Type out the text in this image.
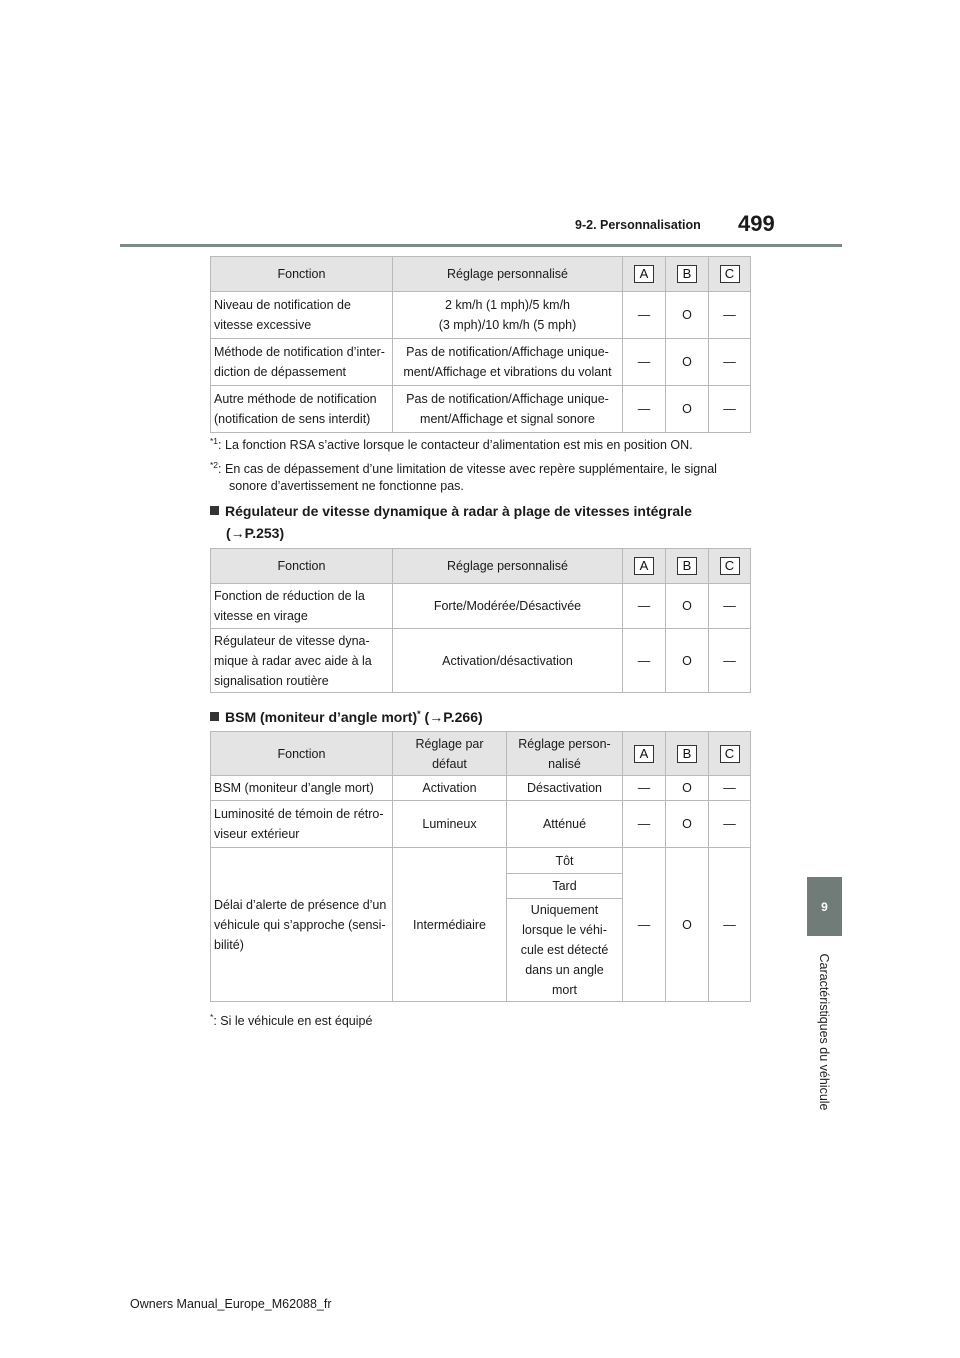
9-2. Personnalisation 499
9
Caractéristiques du véhicule
Fonction	Réglage personnalisé	A	B	C
Niveau de notification de
vitesse excessive	2 km/h (1 mph)/5 km/h
(3 mph)/10 km/h (5 mph)	—	O	—
Méthode de notification d’inter-
diction de dépassement	Pas de notification/Affichage unique-
ment/Affichage et vibrations du volant	—	O	—
Autre méthode de notification
(notification de sens interdit)	Pas de notification/Affichage unique-
ment/Affichage et signal sonore	—	O	—
$^{*1}$: La fonction RSA s’active lorsque le contacteur d’alimentation est mis en position ON.
$^{*2}$: En cas de dépassement d’une limitation de vitesse avec repère supplémentaire, le signal
sonore d’avertissement ne fonctionne pas.
Régulateur de vitesse dynamique à radar à plage de vitesses intégrale
(→P.253)
Fonction	Réglage personnalisé	A	B	C
Fonction de réduction de la
vitesse en virage	Forte/Modérée/Désactivée	—	O	—
Régulateur de vitesse dyna-
mique à radar avec aide à la
signalisation routière	Activation/désactivation	—	O	—
BSM (moniteur d’angle mort)* (→P.266)
Fonction	Réglage par
défaut	Réglage person-
nalisé	A	B	C
BSM (moniteur d’angle mort)	Activation	Désactivation	—	O	—
Luminosité de témoin de rétro-
viseur extérieur	Lumineux	Atténué	—	O	—
Délai d’alerte de présence d’un
véhicule qui s’approche (sensi-
bilité)	Intermédiaire	Tôt	—	O	—
		Tard			
		Uniquement
lorsque le véhi-
cule est détecté
dans un angle
mort			
*: Si le véhicule en est équipé
Owners Manual_Europe_M62088_fr
